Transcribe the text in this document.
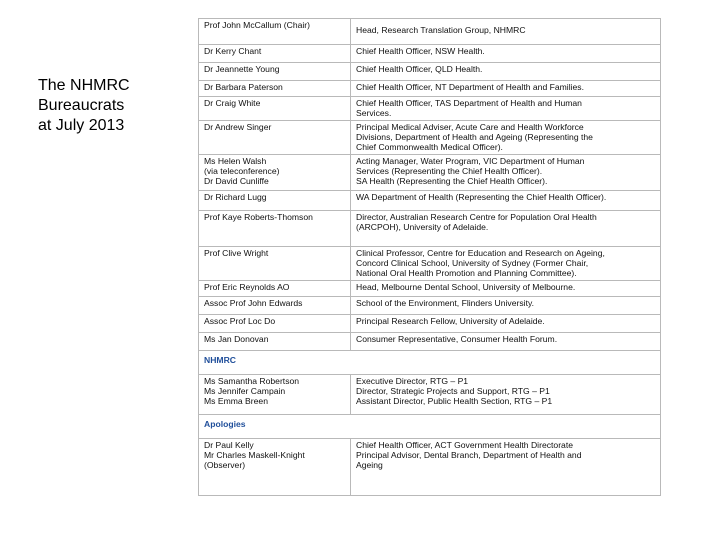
The NHMRC
Bureaucrats
at July 2013
Prof John McCallum (Chair)	Head, Research Translation Group, NHMRC

Dr Kerry Chant	Chief Health Officer, NSW Health.

Dr Jeannette Young	Chief Health Officer, QLD Health.

Dr Barbara Paterson	Chief Health Officer, NT Department of Health and Families.

Dr Craig White	Chief Health Officer, TAS Department of Health and Human
Services.

Dr Andrew Singer	Principal Medical Adviser, Acute Care and Health Workforce
Divisions, Department of Health and Ageing (Representing the
Chief Commonwealth Medical Officer).

Ms Helen Walsh
(via teleconference)
Dr David Cunliffe	Acting Manager, Water Program, VIC Department of Human
Services (Representing the Chief Health Officer).
SA Health (Representing the Chief Health Officer).

Dr Richard Lugg	WA Department of Health (Representing the Chief Health Officer).

Prof Kaye Roberts-Thomson	Director, Australian Research Centre for Population Oral Health
(ARCPOH), University of Adelaide.

Prof Clive Wright	Clinical Professor, Centre for Education and Research on Ageing,
Concord Clinical School, University of Sydney (Former Chair,
National Oral Health Promotion and Planning Committee).

Prof Eric Reynolds AO	Head, Melbourne Dental School, University of Melbourne.

Assoc Prof John Edwards	School of the Environment, Flinders University.

Assoc Prof Loc Do	Principal Research Fellow, University of Adelaide.

Ms Jan Donovan	Consumer Representative, Consumer Health Forum.

NHMRC	

Ms Samantha Robertson
Ms Jennifer Campain
Ms Emma Breen	Executive Director, RTG – P1
Director, Strategic Projects and Support, RTG – P1
Assistant Director, Public Health Section, RTG – P1

Apologies	

Dr Paul Kelly
Mr Charles Maskell-Knight
(Observer)	Chief Health Officer, ACT Government Health Directorate
Principal Advisor, Dental Branch, Department of Health and
Ageing
